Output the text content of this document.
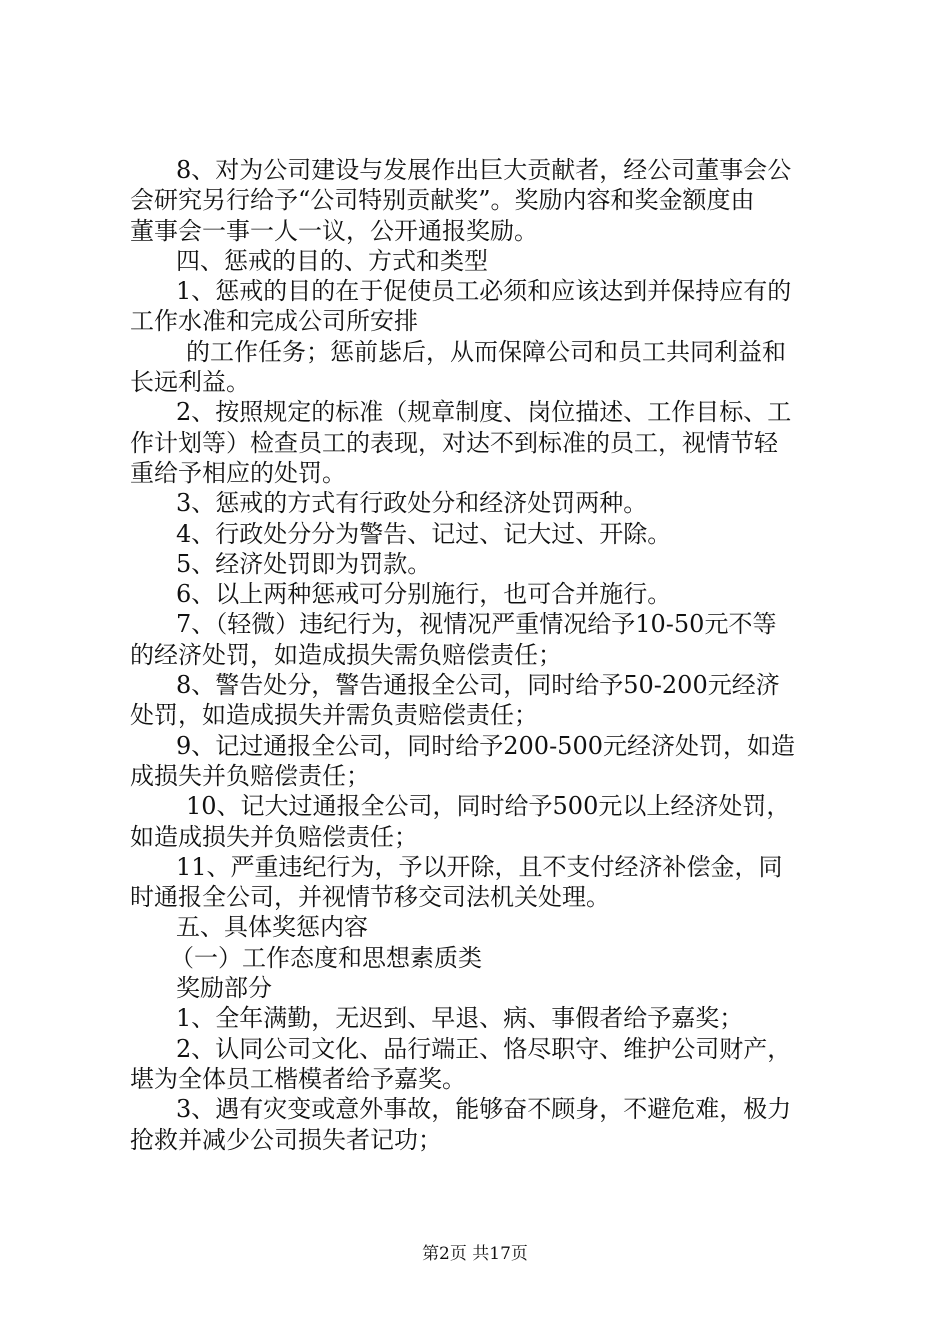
8、对为公司建设与发展作出巨大贡献者，经公司董事会公
会研究另行给予“公司特别贡献奖”。奖励内容和奖金额度由
董事会一事一人一议，公开通报奖励。
四、惩戒的目的、方式和类型
1、惩戒的目的在于促使员工必须和应该达到并保持应有的
工作水准和完成公司所安排
的工作任务；惩前毖后，从而保障公司和员工共同利益和
长远利益。
2、按照规定的标准（规章制度、岗位描述、工作目标、工
作计划等）检查员工的表现，对达不到标准的员工，视情节轻
重给予相应的处罚。
3、惩戒的方式有行政处分和经济处罚两种。
4、行政处分分为警告、记过、记大过、开除。
5、经济处罚即为罚款。
6、以上两种惩戒可分别施行，也可合并施行。
7、（轻微）违纪行为，视情况严重情况给予10-50元不等
的经济处罚，如造成损失需负赔偿责任；
8、警告处分，警告通报全公司，同时给予50-200元经济
处罚，如造成损失并需负责赔偿责任；
9、记过通报全公司，同时给予200-500元经济处罚，如造
成损失并负赔偿责任；
10、记大过通报全公司，同时给予500元以上经济处罚，
如造成损失并负赔偿责任；
11、严重违纪行为，予以开除，且不支付经济补偿金，同
时通报全公司，并视情节移交司法机关处理。
五、具体奖惩内容
（一）工作态度和思想素质类
奖励部分
1、全年满勤，无迟到、早退、病、事假者给予嘉奖；
2、认同公司文化、品行端正、恪尽职守、维护公司财产，
堪为全体员工楷模者给予嘉奖。
3、遇有灾变或意外事故，能够奋不顾身，不避危难，极力
抢救并减少公司损失者记功；
第2页 共17页
